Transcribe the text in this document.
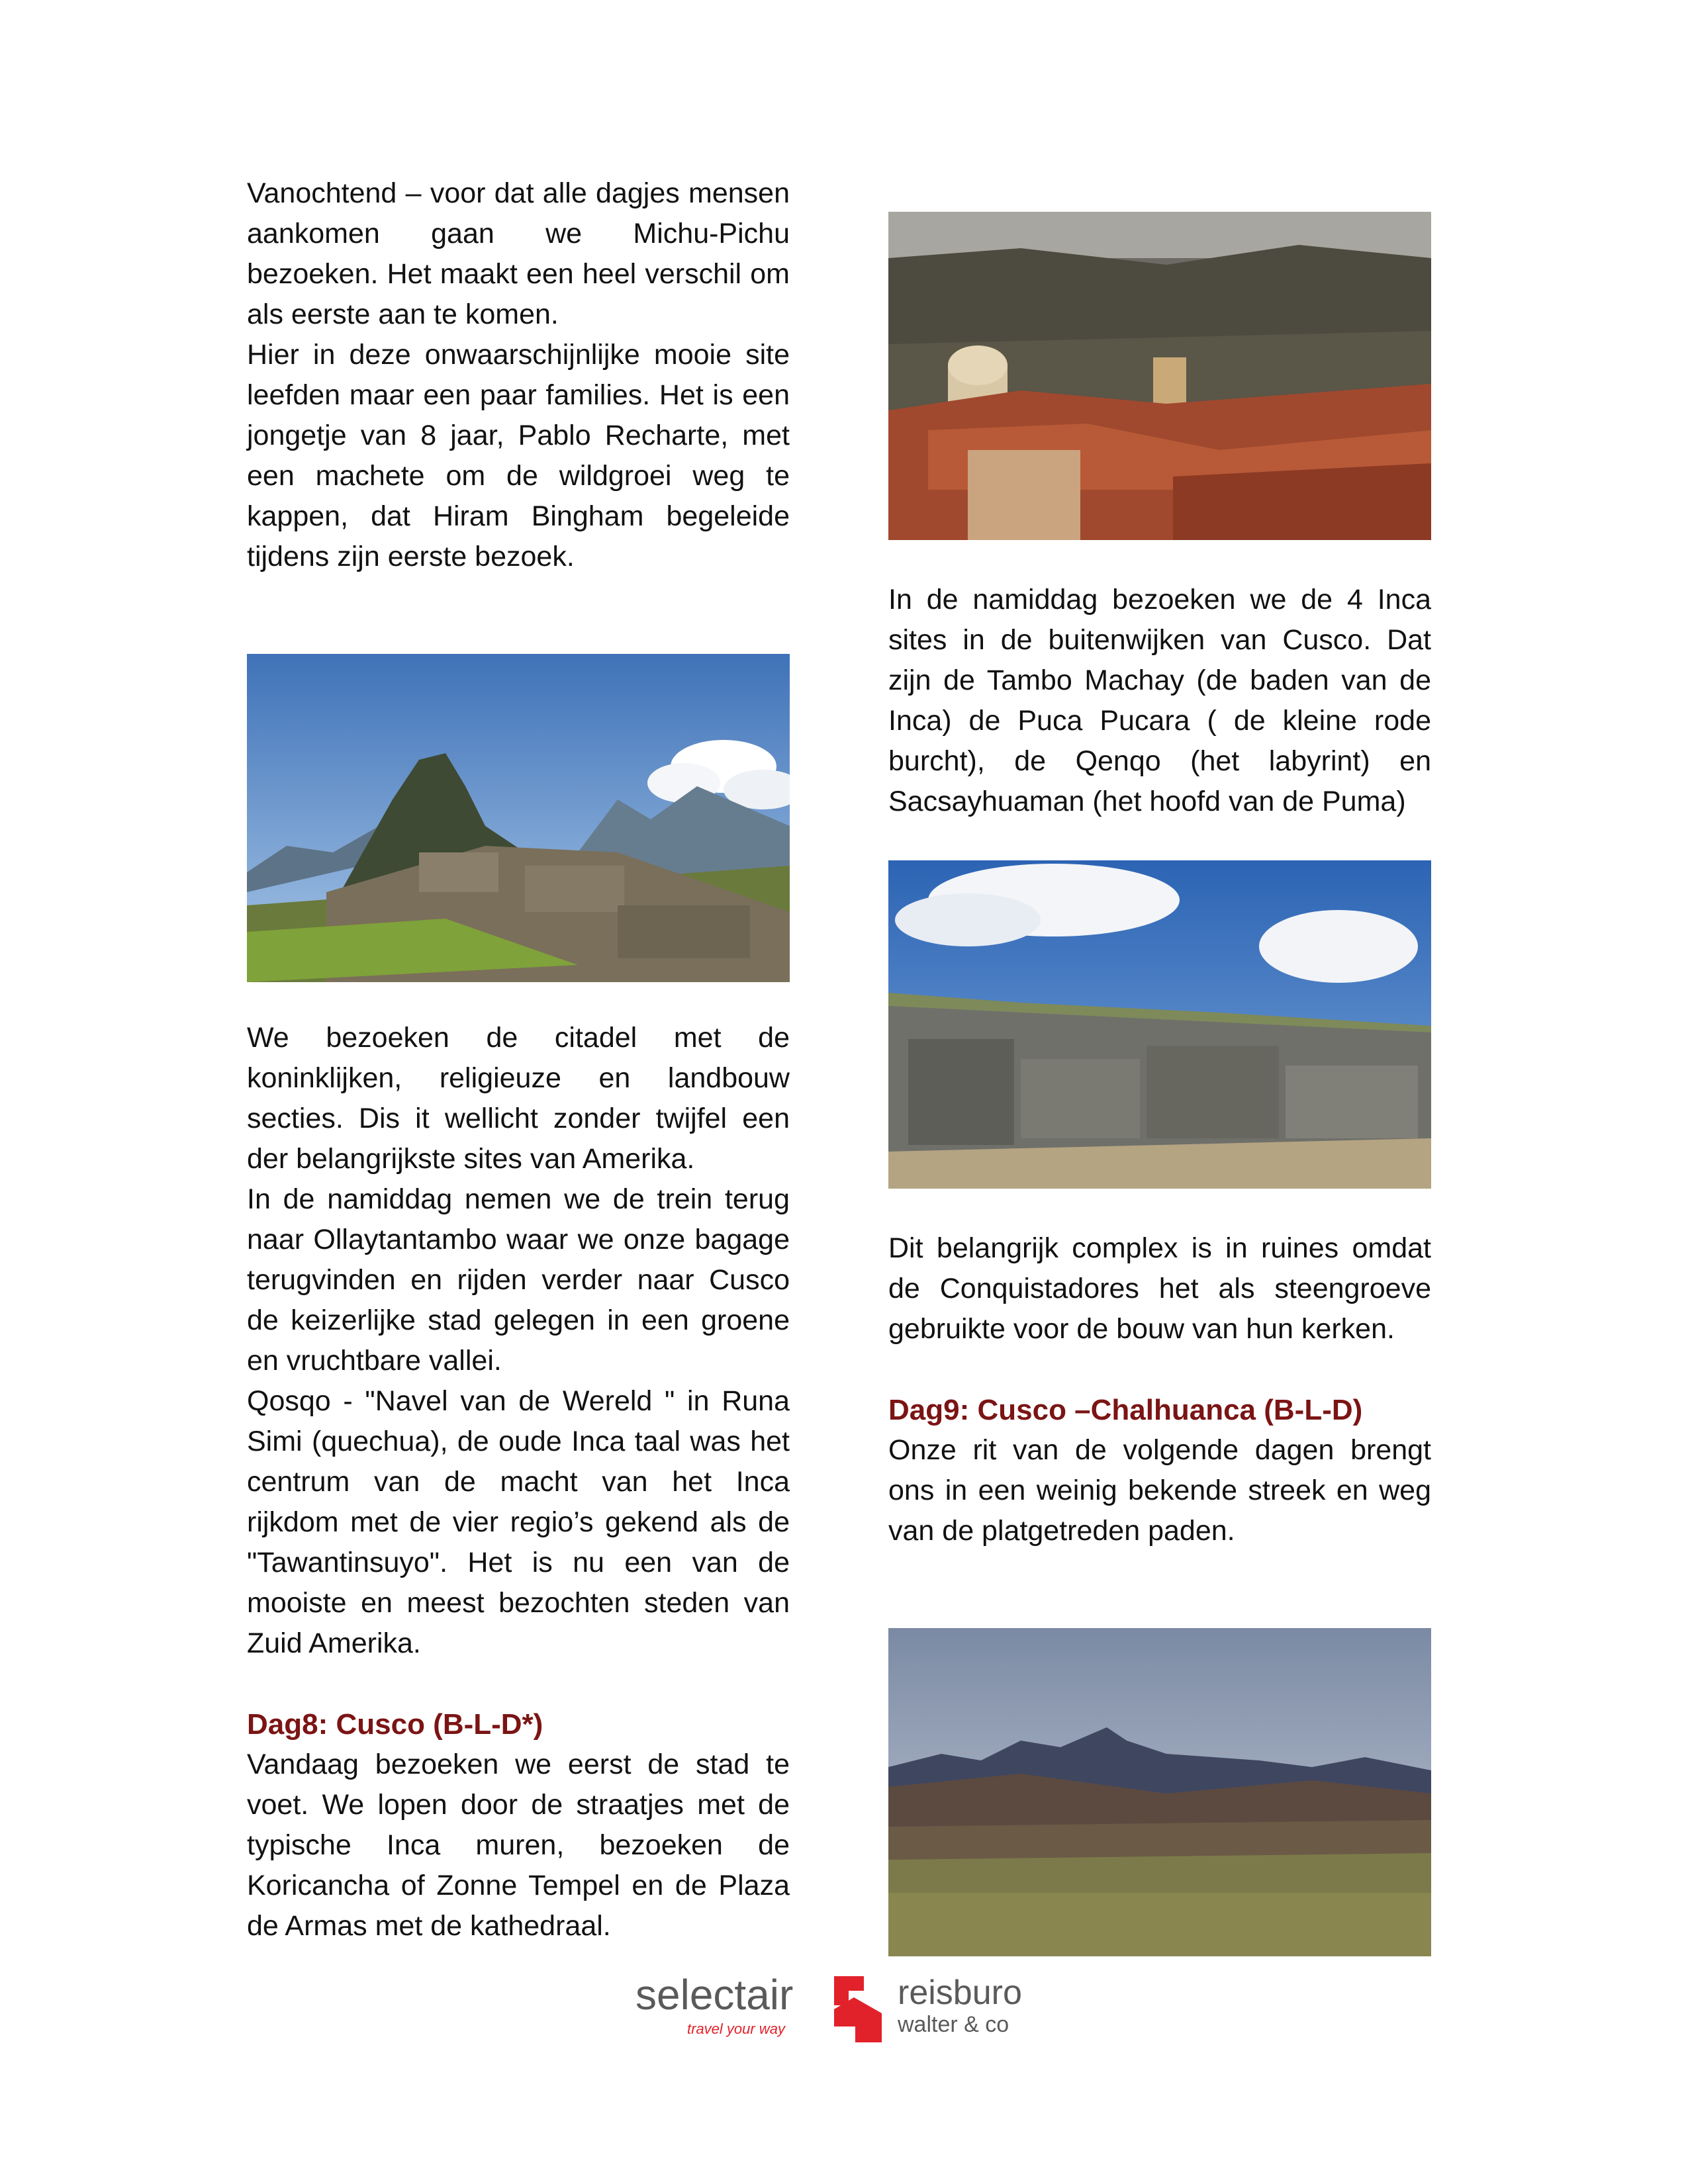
Vanochtend – voor dat alle dagjes mensen aankomen gaan we Michu-Pichu bezoeken. Het maakt een heel verschil om als eerste aan te komen.

Hier in deze onwaarschijnlijke mooie site leefden maar een paar families. Het is een jongetje van 8 jaar, Pablo Recharte, met een machete om de wildgroei weg te kappen, dat Hiram Bingham begeleide tijdens zijn eerste bezoek.

We bezoeken de citadel met de koninklijken, religieuze en landbouw secties. Dis it wellicht zonder twijfel een der belangrijkste sites van Amerika.

In de namiddag nemen we de trein terug naar Ollaytantambo waar we onze bagage terugvinden en rijden verder naar Cusco de keizerlijke stad gelegen in een groene en vruchtbare vallei.

Qosqo - "Navel van de Wereld " in Runa Simi (quechua), de oude Inca taal was het centrum van de macht van het Inca rijkdom met de vier regio’s gekend als de "Tawantinsuyo". Het is nu een van de mooiste en meest bezochten steden van Zuid Amerika.

Dag8: Cusco (B-L-D*)

Vandaag bezoeken we eerst de stad te voet. We lopen door de straatjes met de typische Inca muren, bezoeken de Koricancha of Zonne Tempel en de Plaza de Armas met de kathedraal.

In de namiddag bezoeken we de 4 Inca sites in de buitenwijken van Cusco. Dat zijn de Tambo Machay (de baden van de Inca) de Puca Pucara ( de kleine rode burcht), de Qenqo (het labyrint) en Sacsayhuaman (het hoofd van de Puma)

Dit belangrijk complex is in ruines omdat de Conquistadores het als steengroeve gebruikte voor de bouw van hun kerken.

Dag9: Cusco –Chalhuanca (B-L-D)

Onze rit van de volgende dagen brengt ons in een weinig bekende streek en weg van de platgetreden paden.

selectair
travel your way
reisburo
walter & co
